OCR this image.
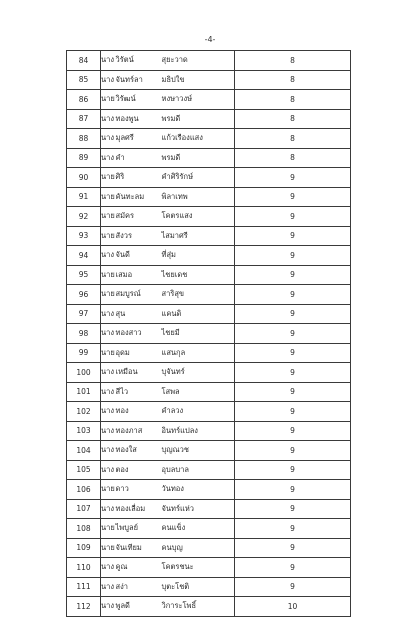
-4-
84	นาง	วิรัตน์	สุยะวาด	8
85	นาง	จันทร์ลา	มธิปใข	8
86	นาย	วิรัฒน์	หงษาวงษ์	8
87	นาง	ทองพูน	พรมดี	8
88	นาง	มุลศรี	แก้วเรืองแสง	8
89	นาง	คำ	พรมดี	8
90	นาย	ศิริ	คำศิริรักษ์	9
91	นาย	คันทะลม	พิลาเทพ	9
92	นาย	สมัคร	โคตรแสง	9
93	นาย	สังวร	ไสมาศรี	9
94	นาง	จันดี	ที่สุ่ม	9
95	นาย	เสมอ	ไชยเดช	9
96	นาย	สมบูรณ์	สาริสุข	9
97	นาง	สุน	แคนดิ	9
98	นาง	ทองสาว	ไชยมี	9
99	นาย	อุดม	แสนกุล	9
100	นาง	เหมือน	บุจันทร์	9
101	นาง	สีไว	โสพล	9
102	นาง	ทอง	คำลวง	9
103	นาง	ทองภาส	อินทร์แปลง	9
104	นาง	ทองใส	บุญณวช	9
105	นาง	ตอง	อุบลบาล	9
106	นาย	ดาว	วันทอง	9
107	นาง	ทองเลื่อม	จันทร์แห่ว	9
108	นาย	ไพบูลย์	คนแข็ง	9
109	นาย	จันเทียม	คนบุญ	9
110	นาง	คูณ	โคตรชนะ	9
111	นาง	สง่า	บุตะโชติ	9
112	นาง	พูลดี	วิการะโพธิ์	10
